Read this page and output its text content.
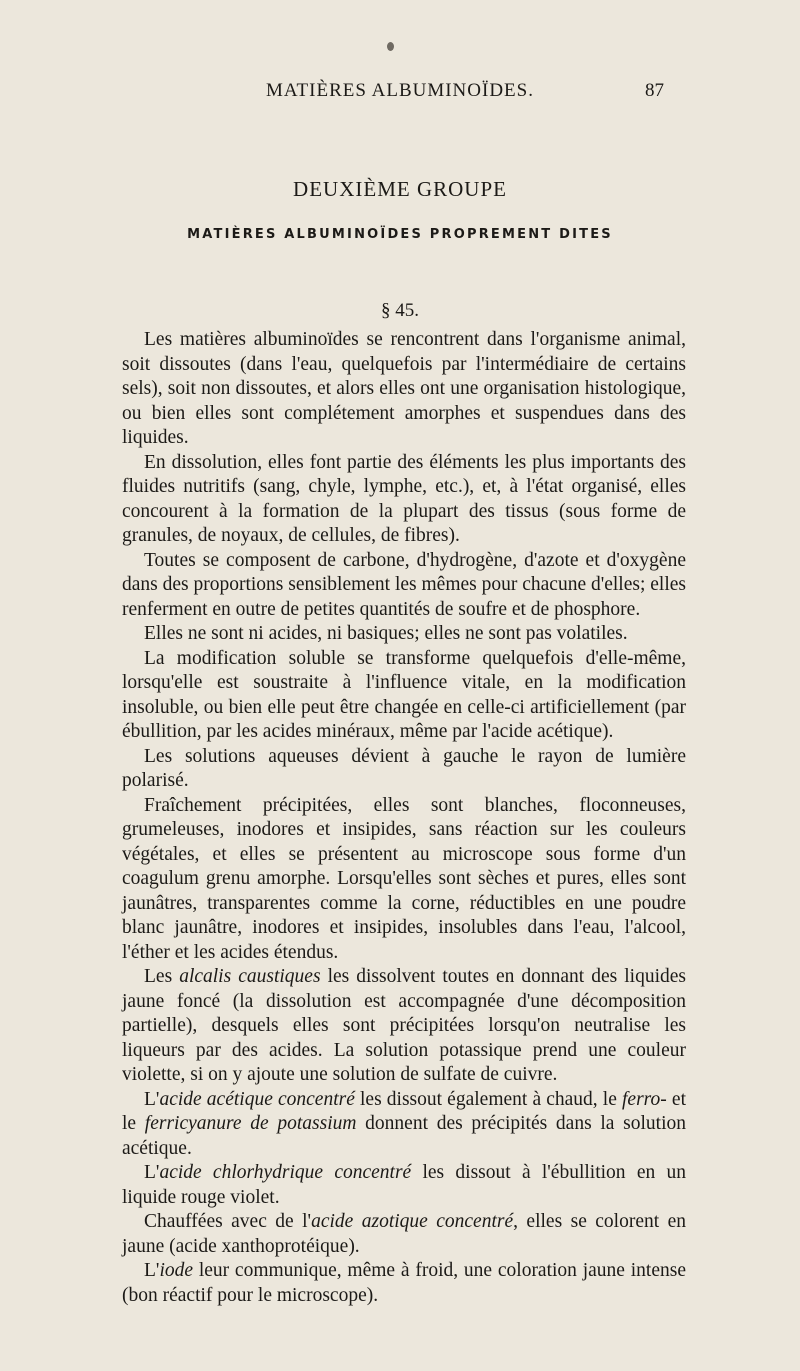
MATIÈRES ALBUMINOÏDES.	87
DEUXIÈME GROUPE
MATIÈRES ALBUMINOÏDES PROPREMENT DITES
§ 45.

Les matières albuminoïdes se rencontrent dans l'organisme animal, soit dissoutes (dans l'eau, quelquefois par l'intermédiaire de certains sels), soit non dissoutes, et alors elles ont une organisation histologique, ou bien elles sont complétement amorphes et suspendues dans des liquides.

En dissolution, elles font partie des éléments les plus importants des fluides nutritifs (sang, chyle, lymphe, etc.), et, à l'état organisé, elles concourent à la formation de la plupart des tissus (sous forme de granules, de noyaux, de cellules, de fibres).

Toutes se composent de carbone, d'hydrogène, d'azote et d'oxygène dans des proportions sensiblement les mêmes pour chacune d'elles; elles renferment en outre de petites quantités de soufre et de phosphore.

Elles ne sont ni acides, ni basiques; elles ne sont pas volatiles.

La modification soluble se transforme quelquefois d'elle-même, lorsqu'elle est soustraite à l'influence vitale, en la modification insoluble, ou bien elle peut être changée en celle-ci artificiellement (par ébullition, par les acides minéraux, même par l'acide acétique).

Les solutions aqueuses dévient à gauche le rayon de lumière polarisé.

Fraîchement précipitées, elles sont blanches, floconneuses, grumeleuses, inodores et insipides, sans réaction sur les couleurs végétales, et elles se présentent au microscope sous forme d'un coagulum grenu amorphe. Lorsqu'elles sont sèches et pures, elles sont jaunâtres, transparentes comme la corne, réductibles en une poudre blanc jaunâtre, inodores et insipides, insolubles dans l'eau, l'alcool, l'éther et les acides étendus.

Les alcalis caustiques les dissolvent toutes en donnant des liquides jaune foncé (la dissolution est accompagnée d'une décomposition partielle), desquels elles sont précipitées lorsqu'on neutralise les liqueurs par des acides. La solution potassique prend une couleur violette, si on y ajoute une solution de sulfate de cuivre.

L'acide acétique concentré les dissout également à chaud, le ferro- et le ferricyanure de potassium donnent des précipités dans la solution acétique.

L'acide chlorhydrique concentré les dissout à l'ébullition en un liquide rouge violet.

Chauffées avec de l'acide azotique concentré, elles se colorent en jaune (acide xanthoprotéique).

L'iode leur communique, même à froid, une coloration jaune intense (bon réactif pour le microscope).
